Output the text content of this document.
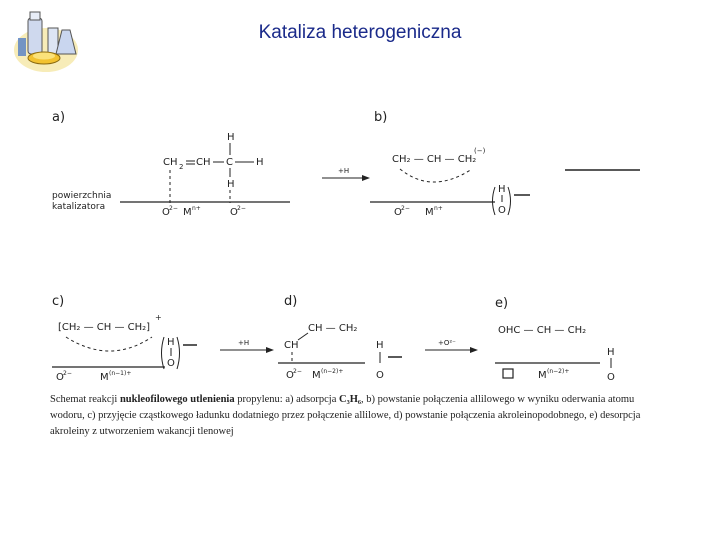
Kataliza heterogeniczna
a)	b)
c)	d)	e)
powierzchnia
katalizatora
CH 2 CH C H
H
H
O 2− M n+	O 2−
+H
CH₂ — CH — CH₂
(−)
O 2− M n+
H
O
[CH₂ — CH — CH₂]
+
O 2−	M (n−1)+
H
O
+H
CH — CH₂
CH
O 2− M (n−2)+
H
O
+O²⁻
OHC — CH — CH₂
M (n−2)+
H
O
Schemat reakcji nukleofilowego utlenienia propylenu: a) adsorpcja C₃H₆, b) powstanie połączenia allilowego w wyniku oderwania atomu wodoru, c) przyjęcie cząstkowego ładunku dodatniego przez połączenie allilowe, d) powstanie połączenia akroleinopodobnego, e) desorpcja akroleiny z utworzeniem wakancji tlenowej
